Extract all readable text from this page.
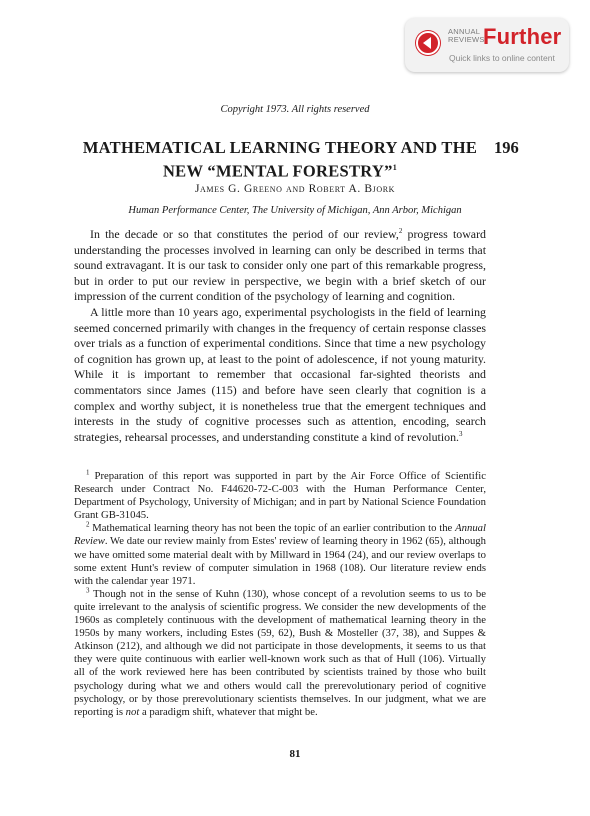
ANNUAL
REVIEWS
Further
Quick links to online content
Copyright 1973. All rights reserved
MATHEMATICAL LEARNING THEORY AND THE
NEW “MENTAL FORESTRY”$^1$
196
James G. Greeno and Robert A. Bjork
Human Performance Center, The University of Michigan, Ann Arbor, Michigan

In the decade or so that constitutes the period of our review,$^2$ progress toward understanding the processes involved in learning can only be described in terms that sound extravagant. It is our task to consider only one part of this remarkable progress, but in order to put our review in perspective, we begin with a brief sketch of our impression of the current condition of the psychology of learning and cognition.

A little more than 10 years ago, experimental psychologists in the field of learning seemed concerned primarily with changes in the frequency of certain response classes over trials as a function of experimental conditions. Since that time a new psychology of cognition has grown up, at least to the point of adolescence, if not young maturity. While it is important to remember that occasional far-sighted theorists and commentators since James (115) and before have seen clearly that cognition is a complex and worthy subject, it is nonetheless true that the emergent techniques and interests in the study of cognitive processes such as attention, encoding, search strategies, rehearsal processes, and understanding constitute a kind of revolution.$^3$

$^1$ Preparation of this report was supported in part by the Air Force Office of Scientific Research under Contract No. F44620-72-C-003 with the Human Performance Center, Department of Psychology, University of Michigan; and in part by National Science Foundation Grant GB-31045.

$^2$ Mathematical learning theory has not been the topic of an earlier contribution to the Annual Review. We date our review mainly from Estes' review of learning theory in 1962 (65), although we have omitted some material dealt with by Millward in 1964 (24), and our review overlaps to some extent Hunt's review of computer simulation in 1968 (108). Our literature review ends with the calendar year 1971.

$^3$ Though not in the sense of Kuhn (130), whose concept of a revolution seems to us to be quite irrelevant to the analysis of scientific progress. We consider the new developments of the 1960s as completely continuous with the development of mathematical learning theory in the 1950s by many workers, including Estes (59, 62), Bush & Mosteller (37, 38), and Suppes & Atkinson (212), and although we did not participate in those developments, it seems to us that they were quite continuous with earlier well-known work such as that of Hull (106). Virtually all of the work reviewed here has been contributed by scientists trained by those who built psychology during what we and others would call the prerevolutionary period of cognitive psychology, or by those prerevolutionary scientists themselves. In our judgment, what we are reporting is not a paradigm shift, whatever that might be.

81
